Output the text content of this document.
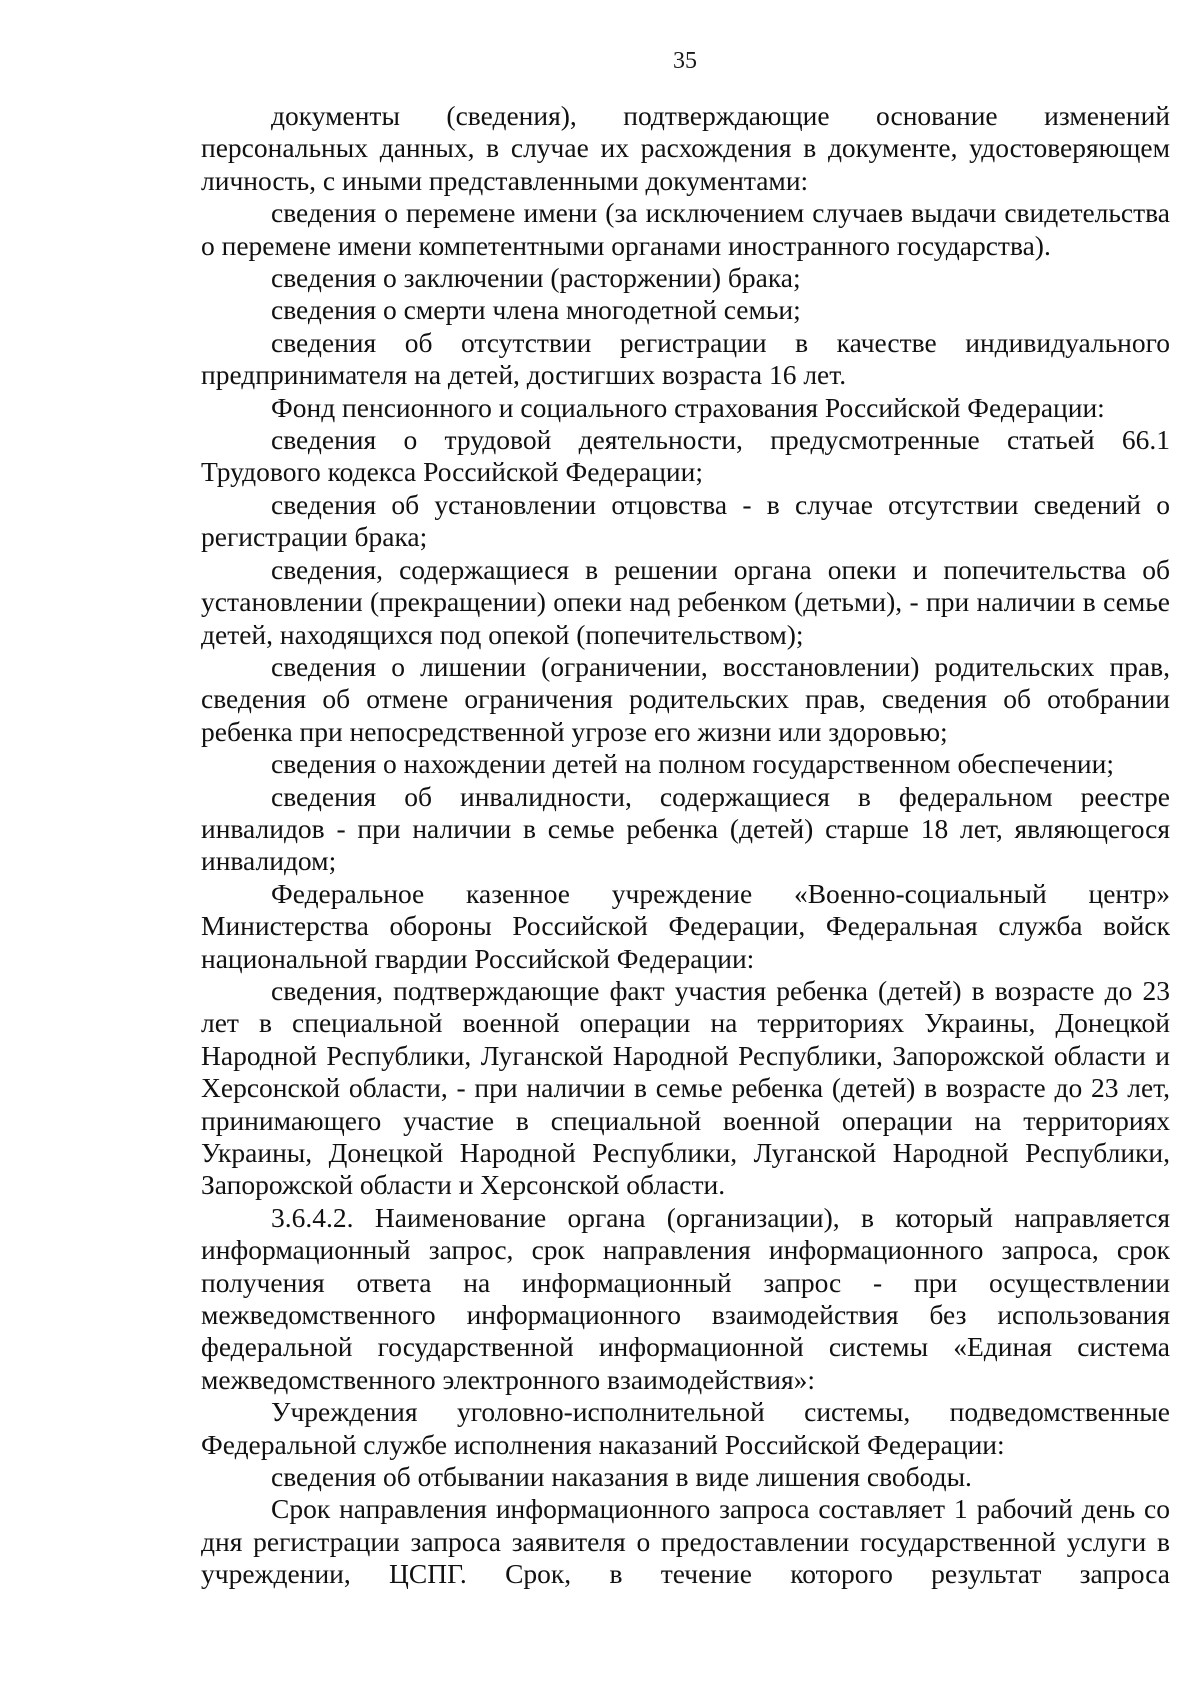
35

документы (сведения), подтверждающие основание изменений персональных данных, в случае их расхождения в документе, удостоверяющем личность, с иными представленными документами:

сведения о перемене имени (за исключением случаев выдачи свидетельства о перемене имени компетентными органами иностранного государства).

сведения о заключении (расторжении) брака;

сведения о смерти члена многодетной семьи;

сведения об отсутствии регистрации в качестве индивидуального предпринимателя на детей, достигших возраста 16 лет.

Фонд пенсионного и социального страхования Российской Федерации:

сведения о трудовой деятельности, предусмотренные статьей 66.1 Трудового кодекса Российской Федерации;

сведения об установлении отцовства - в случае отсутствии сведений о регистрации брака;

сведения, содержащиеся в решении органа опеки и попечительства об установлении (прекращении) опеки над ребенком (детьми), - при наличии в семье детей, находящихся под опекой (попечительством);

сведения о лишении (ограничении, восстановлении) родительских прав, сведения об отмене ограничения родительских прав, сведения об отобрании ребенка при непосредственной угрозе его жизни или здоровью;

сведения о нахождении детей на полном государственном обеспечении;

сведения об инвалидности, содержащиеся в федеральном реестре инвалидов - при наличии в семье ребенка (детей) старше 18 лет, являющегося инвалидом;

Федеральное казенное учреждение «Военно-социальный центр» Министерства обороны Российской Федерации, Федеральная служба войск национальной гвардии Российской Федерации:

сведения, подтверждающие факт участия ребенка (детей) в возрасте до 23 лет в специальной военной операции на территориях Украины, Донецкой Народной Республики, Луганской Народной Республики, Запорожской области и Херсонской области, - при наличии в семье ребенка (детей) в возрасте до 23 лет, принимающего участие в специальной военной операции на территориях Украины, Донецкой Народной Республики, Луганской Народной Республики, Запорожской области и Херсонской области.

3.6.4.2. Наименование органа (организации), в который направляется информационный запрос, срок направления информационного запроса, срок получения ответа на информационный запрос - при осуществлении межведомственного информационного взаимодействия без использования федеральной государственной информационной системы «Единая система межведомственного электронного взаимодействия»:

Учреждения уголовно-исполнительной системы, подведомственные Федеральной службе исполнения наказаний Российской Федерации:

сведения об отбывании наказания в виде лишения свободы.

Срок направления информационного запроса составляет 1 рабочий день со дня регистрации запроса заявителя о предоставлении государственной услуги в учреждении, ЦСПГ. Срок, в течение которого результат запроса
